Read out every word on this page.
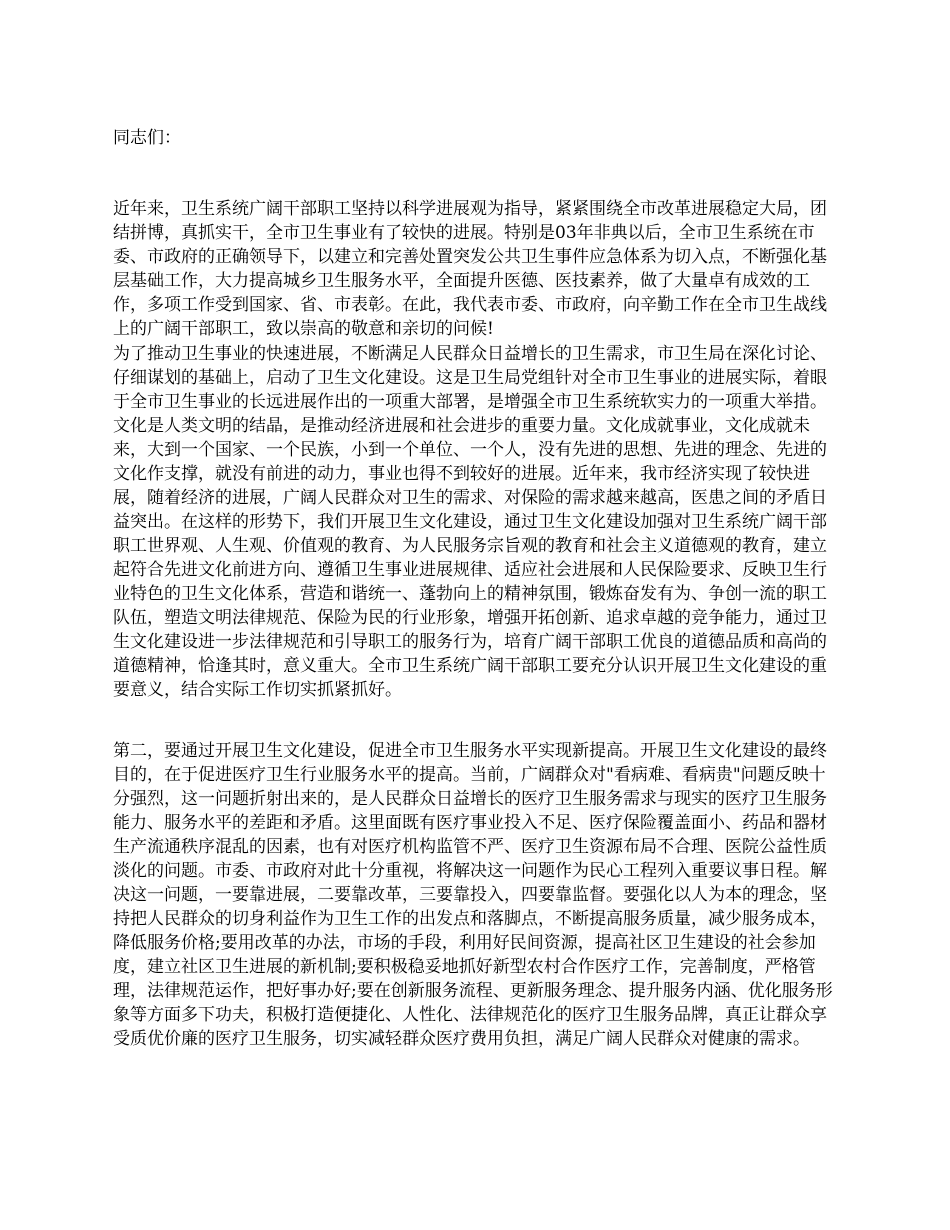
同志们：

近年来，卫生系统广阔干部职工坚持以科学进展观为指导，紧紧围绕全市改革进展稳定大局，团结拼博，真抓实干，全市卫生事业有了较快的进展。特别是03年非典以后，全市卫生系统在市委、市政府的正确领导下，以建立和完善处置突发公共卫生事件应急体系为切入点，不断强化基层基础工作，大力提高城乡卫生服务水平，全面提升医德、医技素养，做了大量卓有成效的工作，多项工作受到国家、省、市表彰。在此，我代表市委、市政府，向辛勤工作在全市卫生战线上的广阔干部职工，致以崇高的敬意和亲切的问候!

为了推动卫生事业的快速进展，不断满足人民群众日益增长的卫生需求，市卫生局在深化讨论、仔细谋划的基础上，启动了卫生文化建设。这是卫生局党组针对全市卫生事业的进展实际，着眼于全市卫生事业的长远进展作出的一项重大部署，是增强全市卫生系统软实力的一项重大举措。文化是人类文明的结晶，是推动经济进展和社会进步的重要力量。文化成就事业，文化成就未来，大到一个国家、一个民族，小到一个单位、一个人，没有先进的思想、先进的理念、先进的文化作支撑，就没有前进的动力，事业也得不到较好的进展。近年来，我市经济实现了较快进展，随着经济的进展，广阔人民群众对卫生的需求、对保险的需求越来越高，医患之间的矛盾日益突出。在这样的形势下，我们开展卫生文化建设，通过卫生文化建设加强对卫生系统广阔干部职工世界观、人生观、价值观的教育、为人民服务宗旨观的教育和社会主义道德观的教育，建立起符合先进文化前进方向、遵循卫生事业进展规律、适应社会进展和人民保险要求、反映卫生行业特色的卫生文化体系，营造和谐统一、蓬勃向上的精神氛围，锻炼奋发有为、争创一流的职工队伍，塑造文明法律规范、保险为民的行业形象，增强开拓创新、追求卓越的竞争能力，通过卫生文化建设进一步法律规范和引导职工的服务行为，培育广阔干部职工优良的道德品质和高尚的道德精神，恰逢其时，意义重大。全市卫生系统广阔干部职工要充分认识开展卫生文化建设的重要意义，结合实际工作切实抓紧抓好。

第二，要通过开展卫生文化建设，促进全市卫生服务水平实现新提高。开展卫生文化建设的最终目的，在于促进医疗卫生行业服务水平的提高。当前，广阔群众对"看病难、看病贵"问题反映十分强烈，这一问题折射出来的，是人民群众日益增长的医疗卫生服务需求与现实的医疗卫生服务能力、服务水平的差距和矛盾。这里面既有医疗事业投入不足、医疗保险覆盖面小、药品和器材生产流通秩序混乱的因素，也有对医疗机构监管不严、医疗卫生资源布局不合理、医院公益性质淡化的问题。市委、市政府对此十分重视，将解决这一问题作为民心工程列入重要议事日程。解决这一问题，一要靠进展，二要靠改革，三要靠投入，四要靠监督。要强化以人为本的理念，坚持把人民群众的切身利益作为卫生工作的出发点和落脚点，不断提高服务质量，减少服务成本，降低服务价格;要用改革的办法，市场的手段，利用好民间资源，提高社区卫生建设的社会参加度，建立社区卫生进展的新机制;要积极稳妥地抓好新型农村合作医疗工作，完善制度，严格管理，法律规范运作，把好事办好;要在创新服务流程、更新服务理念、提升服务内涵、优化服务形象等方面多下功夫，积极打造便捷化、人性化、法律规范化的医疗卫生服务品牌，真正让群众享受质优价廉的医疗卫生服务，切实减轻群众医疗费用负担，满足广阔人民群众对健康的需求。
